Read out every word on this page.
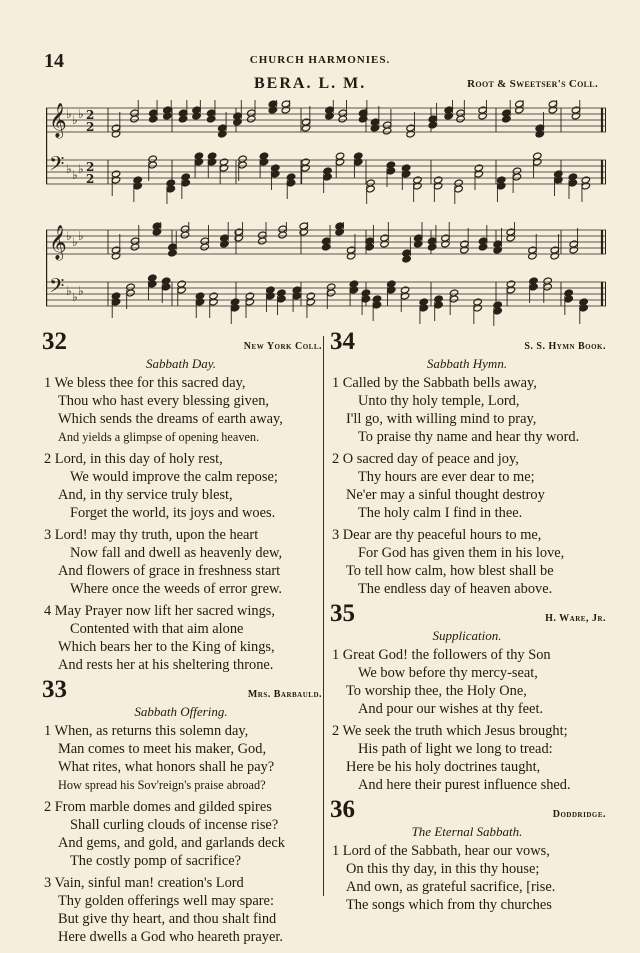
14	CHURCH HARMONIES.
BERA. L. M.	Root & Sweetser's Coll.
𝄞 ♭ ♭ ♭ 2
2
𝄢 ♭ ♭ ♭ 2
2
𝄞 ♭ ♭ ♭
𝄢 ♭ ♭ ♭
32	New York Coll.
Sabbath Day.
1 We bless thee for this sacred day,
Thou who hast every blessing given,
Which sends the dreams of earth away,
And yields a glimpse of opening heaven.
2 Lord, in this day of holy rest,
We would improve the calm repose;
And, in thy service truly blest,
Forget the world, its joys and woes.
3 Lord! may thy truth, upon the heart
Now fall and dwell as heavenly dew,
And flowers of grace in freshness start
Where once the weeds of error grew.
4 May Prayer now lift her sacred wings,
Contented with that aim alone
Which bears her to the King of kings,
And rests her at his sheltering throne.
33	Mrs. Barbauld.
Sabbath Offering.
1 When, as returns this solemn day,
Man comes to meet his maker, God,
What rites, what honors shall he pay?
How spread his Sov'reign's praise abroad?
2 From marble domes and gilded spires
Shall curling clouds of incense rise?
And gems, and gold, and garlands deck
The costly pomp of sacrifice?
3 Vain, sinful man! creation's Lord
Thy golden offerings well may spare:
But give thy heart, and thou shalt find
Here dwells a God who heareth prayer.
34	S. S. Hymn Book.
Sabbath Hymn.
1 Called by the Sabbath bells away,
Unto thy holy temple, Lord,
I'll go, with willing mind to pray,
To praise thy name and hear thy word.
2 O sacred day of peace and joy,
Thy hours are ever dear to me;
Ne'er may a sinful thought destroy
The holy calm I find in thee.
3 Dear are thy peaceful hours to me,
For God has given them in his love,
To tell how calm, how blest shall be
The endless day of heaven above.
35	H. Ware, Jr.
Supplication.
1 Great God! the followers of thy Son
We bow before thy mercy-seat,
To worship thee, the Holy One,
And pour our wishes at thy feet.
2 We seek the truth which Jesus brought;
His path of light we long to tread:
Here be his holy doctrines taught,
And here their purest influence shed.
36	Doddridge.
The Eternal Sabbath.
1 Lord of the Sabbath, hear our vows,
On this thy day, in this thy house;
And own, as grateful sacrifice, [rise.
The songs which from thy churches
